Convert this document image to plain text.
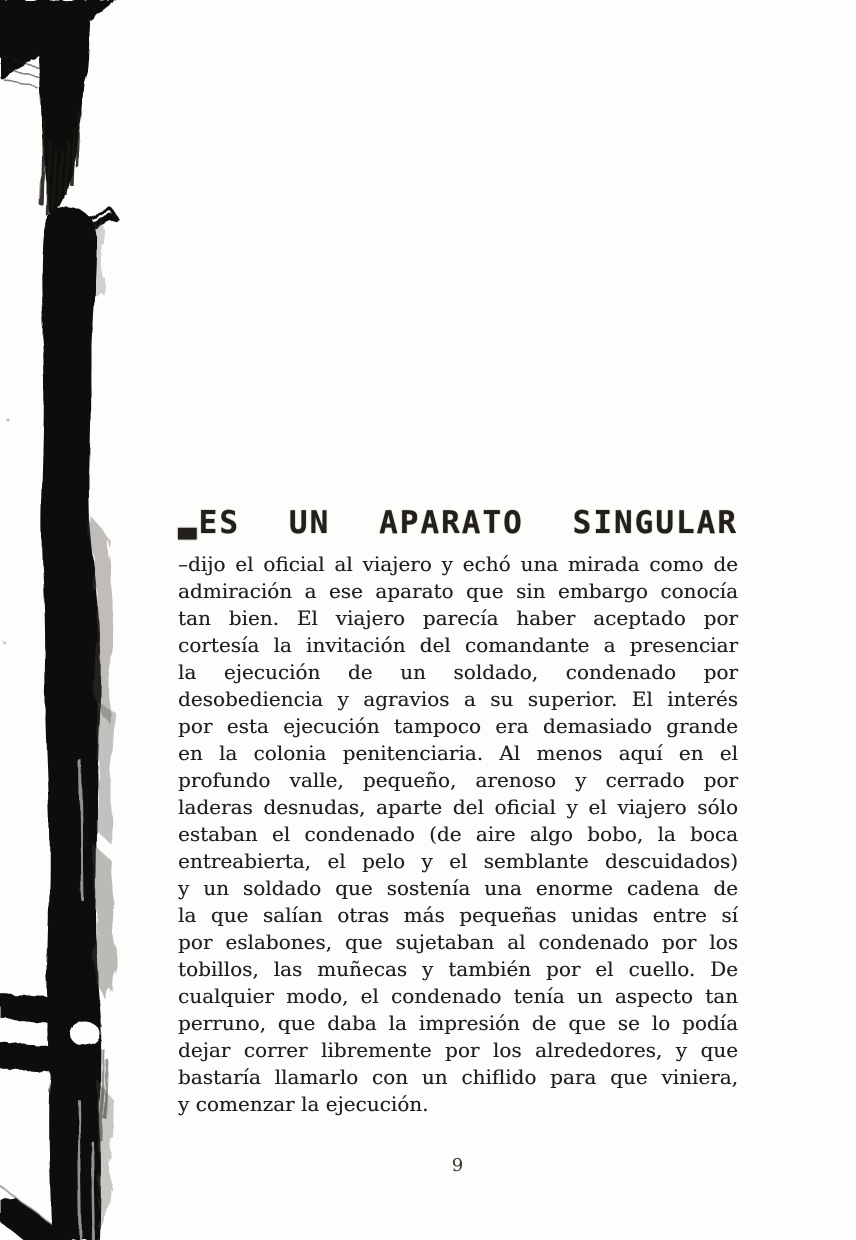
—ES UN APARATO SINGULAR

–dijo el oficial al viajero y echó una mirada como de

admiración a ese aparato que sin embargo conocía

tan bien. El viajero parecía haber aceptado por

cortesía la invitación del comandante a presenciar

la ejecución de un soldado, condenado por

desobediencia y agravios a su superior. El interés

por esta ejecución tampoco era demasiado grande

en la colonia penitenciaria. Al menos aquí en el

profundo valle, pequeño, arenoso y cerrado por

laderas desnudas, aparte del oficial y el viajero sólo

estaban el condenado (de aire algo bobo, la boca

entreabierta, el pelo y el semblante descuidados)

y un soldado que sostenía una enorme cadena de

la que salían otras más pequeñas unidas entre sí

por eslabones, que sujetaban al condenado por los

tobillos, las muñecas y también por el cuello. De

cualquier modo, el condenado tenía un aspecto tan

perruno, que daba la impresión de que se lo podía

dejar correr libremente por los alrededores, y que

bastaría llamarlo con un chiflido para que viniera,

y comenzar la ejecución.

9
